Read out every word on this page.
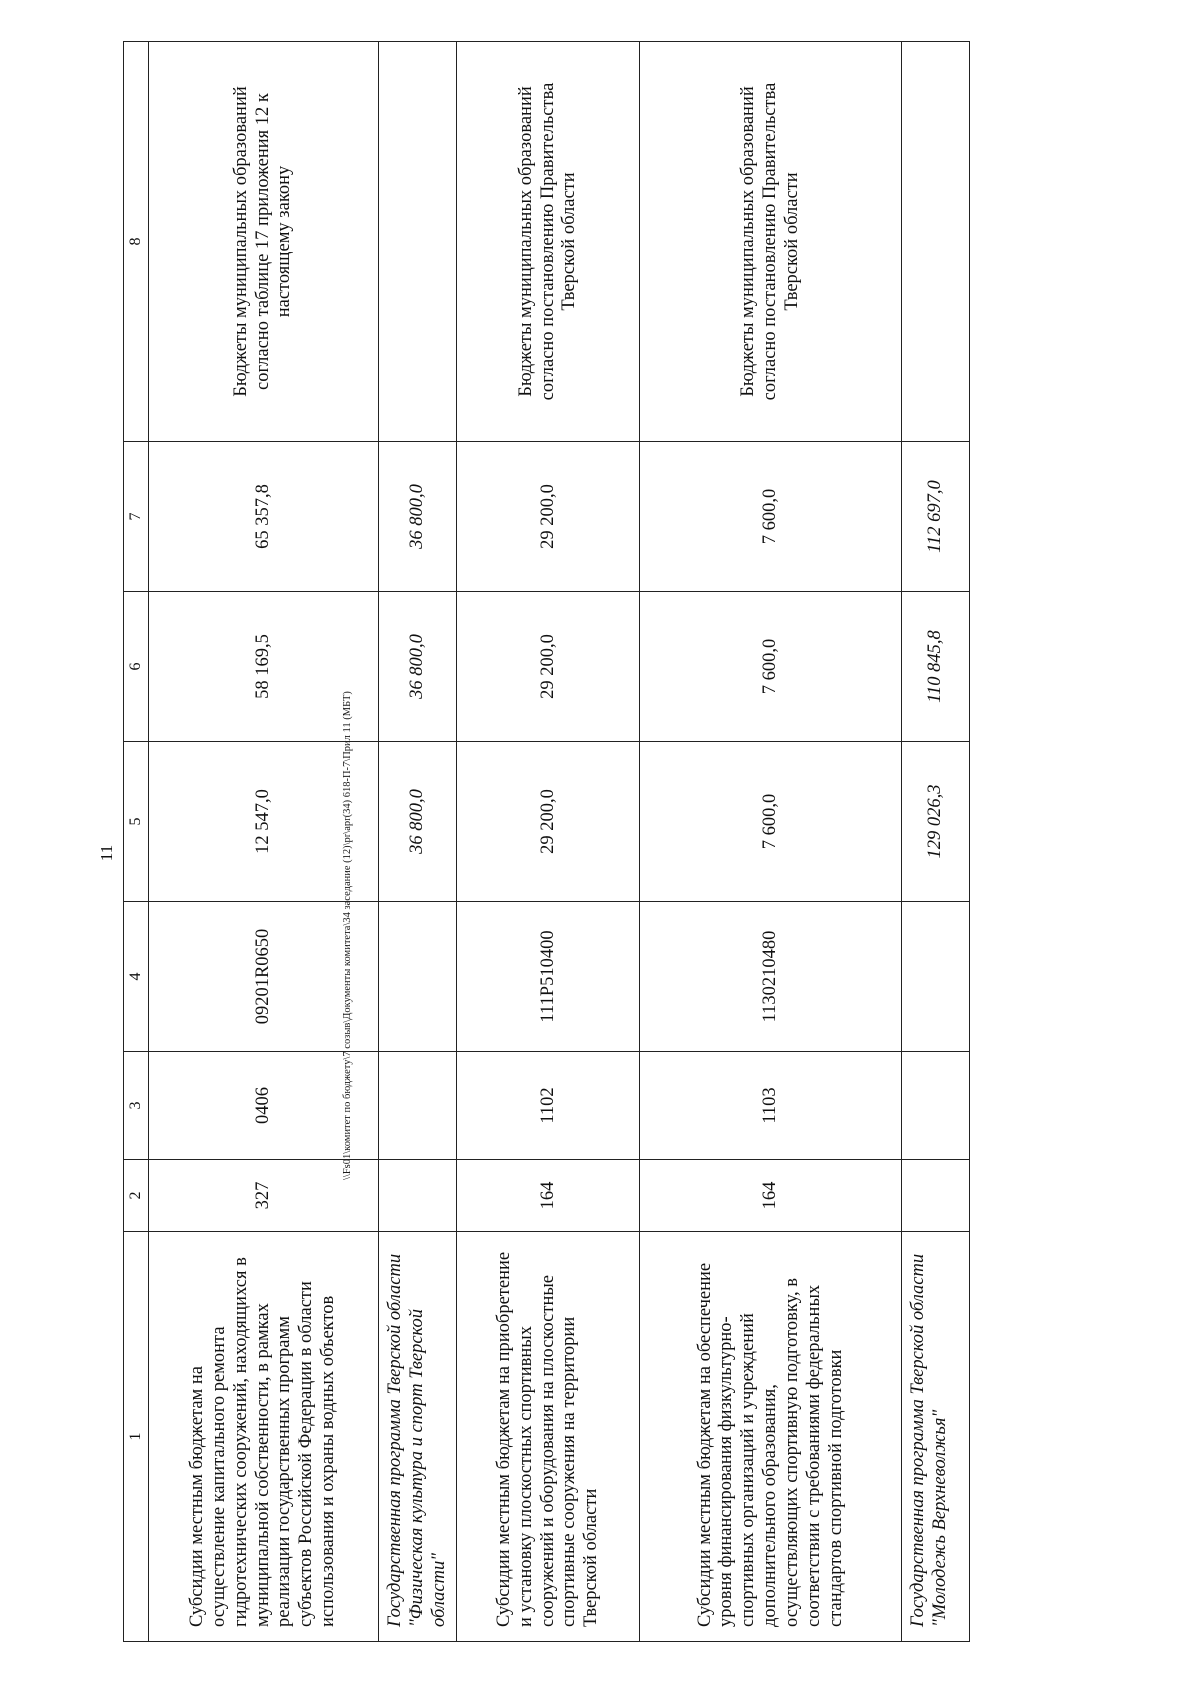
11
1	2	3	4	5	6	7	8
Субсидии местным бюджетам на осуществление капитального ремонта гидротехнических сооружений, находящихся в муниципальной собственности, в рамках реализации государственных программ субъектов Российской Федерации в области использования и охраны водных объектов	327	0406	09201R0650	12 547,0	58 169,5	65 357,8	Бюджеты муниципальных образований согласно таблице 17 приложения 12 к настоящему закону
Государственная программа Тверской области "Физическая культура и спорт Тверской области"				36 800,0	36 800,0	36 800,0	
Субсидии местным бюджетам на приобретение и установку плоскостных спортивных сооружений и оборудования на плоскостные спортивные сооружения на территории Тверской области	164	1102	111P510400	29 200,0	29 200,0	29 200,0	Бюджеты муниципальных образований согласно постановлению Правительства Тверской области
Субсидии местным бюджетам на обеспечение уровня финансирования физкультурно-спортивных организаций и учреждений дополнительного образования, осуществляющих спортивную подготовку, в соответствии с требованиями федеральных стандартов спортивной подготовки	164	1103	1130210480	7 600,0	7 600,0	7 600,0	Бюджеты муниципальных образований согласно постановлению Правительства Тверской области
Государственная программа Тверской области "Молодежь Верхневолжья"				129 026,3	110 845,8	112 697,0	
\\Fs01\комитет по бюджету\7 созыв\Документы комитета\34 заседание (12)\pr\apr(34) 618-П-7\Прил 11 (МБТ)
